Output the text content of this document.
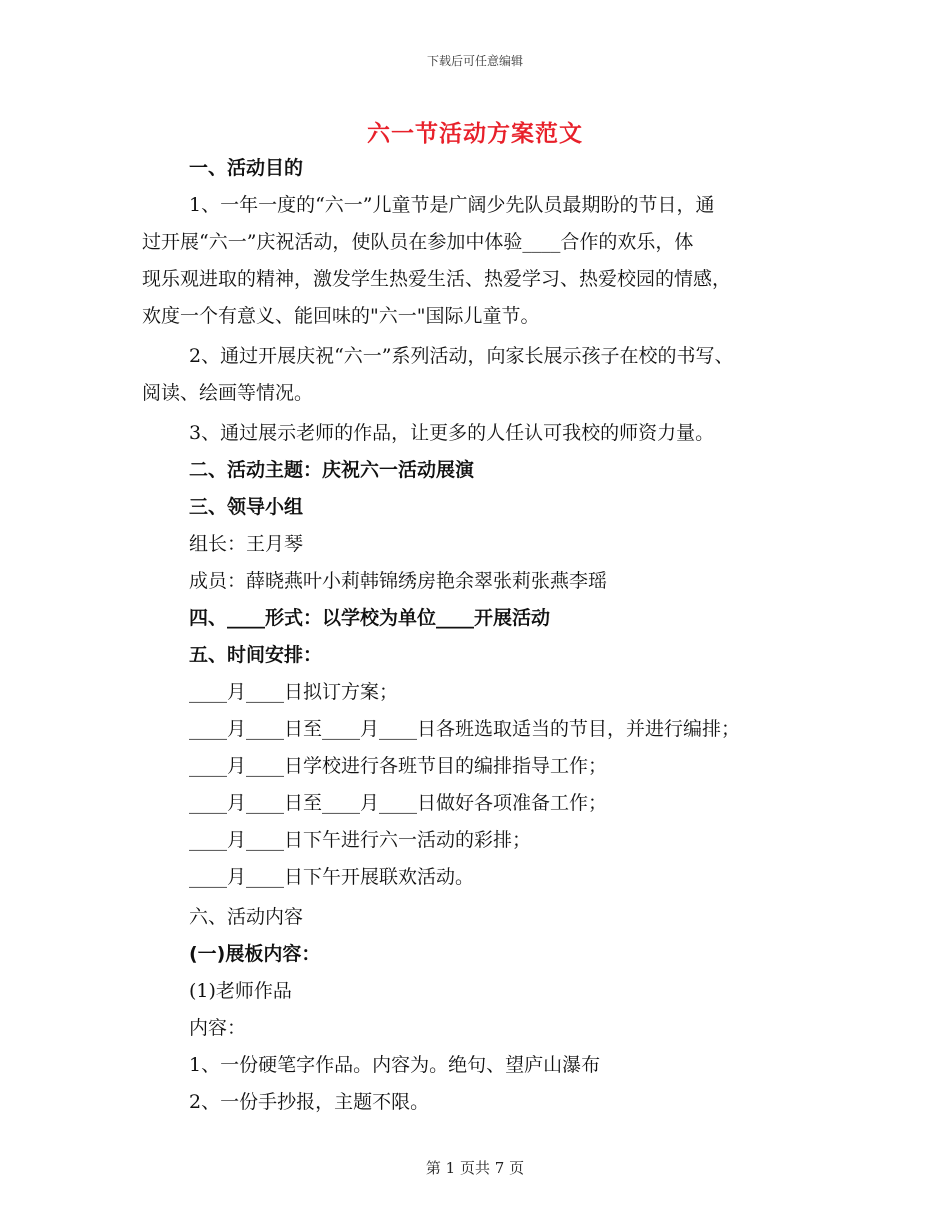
下载后可任意编辑
六一节活动方案范文
一、活动目的
1、一年一度的“六一”儿童节是广阔少先队员最期盼的节日，通
过开展“六一”庆祝活动，使队员在参加中体验____合作的欢乐，体
现乐观进取的精神，激发学生热爱生活、热爱学习、热爱校园的情感，
欢度一个有意义、能回味的"六一"国际儿童节。
2、通过开展庆祝“六一”系列活动，向家长展示孩子在校的书写、
阅读、绘画等情况。
3、通过展示老师的作品，让更多的人任认可我校的师资力量。
二、活动主题：庆祝六一活动展演
三、领导小组
组长：王月琴
成员：薛晓燕叶小莉韩锦绣房艳余翠张莉张燕李瑶
四、____形式：以学校为单位____开展活动
五、时间安排：
____月____日拟订方案；
____月____日至____月____日各班选取适当的节目，并进行编排；
____月____日学校进行各班节目的编排指导工作；
____月____日至____月____日做好各项准备工作；
____月____日下午进行六一活动的彩排；
____月____日下午开展联欢活动。
六、活动内容
(一)展板内容：
(1)老师作品
内容：
1、一份硬笔字作品。内容为。绝句、望庐山瀑布
2、一份手抄报，主题不限。
第 1 页共 7 页
